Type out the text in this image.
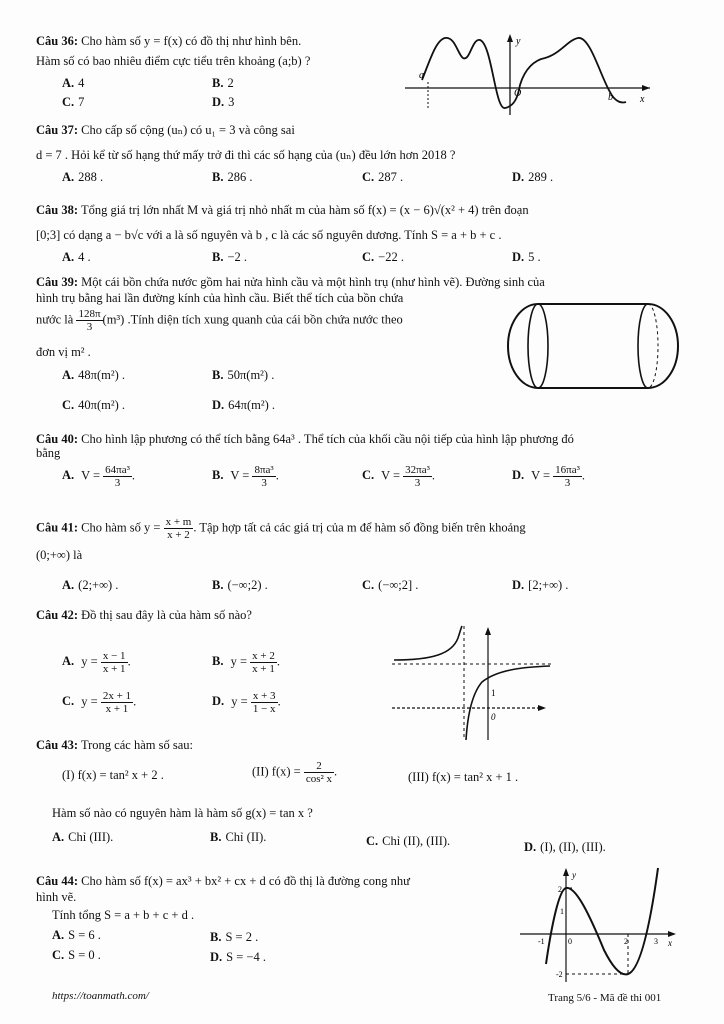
Câu 36: Cho hàm số y = f(x) có đồ thị như hình bên.
Hàm số có bao nhiêu điểm cực tiểu trên khoảng (a;b) ?
A. 4	B. 2
C. 7	D. 3
a
b
O
y
x
Câu 37: Cho cấp số cộng (uₙ) có u₁ = 3 và công sai
d = 7 . Hỏi kể từ số hạng thứ mấy trở đi thì các số hạng của (uₙ) đều lớn hơn 2018 ?
A. 288 .	B. 286 .	C. 287 .	D. 289 .
Câu 38: Tổng giá trị lớn nhất M và giá trị nhỏ nhất m của hàm số f(x) = (x − 6)√(x² + 4) trên đoạn
[0;3] có dạng a − b√c với a là số nguyên và b , c là các số nguyên dương. Tính S = a + b + c .
A. 4 .	B. −2 .	C. −22 .	D. 5 .
Câu 39: Một cái bồn chứa nước gồm hai nửa hình cầu và một hình trụ (như hình vẽ). Đường sinh của
hình trụ bằng hai lần đường kính của hình cầu. Biết thể tích của bồn chứa
nước là $\frac{128\pi}{3} (m^3)$ .Tính diện tích xung quanh của cái bồn chứa nước theo
đơn vị m² .
A. 48π(m²) .	B. 50π(m²) .
C. 40π(m²) .	D. 64π(m²) .
Câu 40: Cho hình lập phương có thể tích bằng 64a³ . Thể tích của khối cầu nội tiếp của hình lập phương đó
bằng
A. $V = \frac{\text{64πa³}}{3}$ .	B. $V = \frac{\text{8πa³}}{3}$ .	C. $V = \frac{\text{32πa³}}{3}$ .	D. $V = \frac{\text{16πa³}}{3}$ .
Câu 41: Cho hàm số $y = \frac{x + m}{x + 2}$ . Tập hợp tất cả các giá trị của m để hàm số đồng biến trên khoảng
(0;+∞) là
A. (2;+∞) .	B. (−∞;2) .	C. (−∞;2] .	D. [2;+∞) .
Câu 42: Đồ thị sau đây là của hàm số nào?
A. $y = \frac{x - 1}{x + 1}$ .	B. $y = \frac{x + 2}{x + 1}$ .
C. $y = \frac{2x + 1}{x + 1}$ .	D. $y = \frac{x + 3}{1 - x}$ .
1
0
Câu 43: Trong các hàm số sau:
(I) f(x) = tan² x + 2 .	(II) $f(x) = \frac{2}{\text{cos² x}}$ .	(III) f(x) = tan² x + 1 .
Hàm số nào có nguyên hàm là hàm số g(x) = tan x ?
A. Chỉ (III).	B. Chỉ (II).	C. Chỉ (II), (III).	D. (I), (II), (III).
Câu 44: Cho hàm số f(x) = ax³ + bx² + cx + d có đồ thị là đường cong như
hình vẽ.
Tính tổng S = a + b + c + d .
A. S = 6 .	B. S = 2 .
C. S = 0 .	D. S = −4 .
y
x
2
1
-1	0	2	3
-2
https://toanmath.com/	Trang 5/6 - Mã đề thi 001
